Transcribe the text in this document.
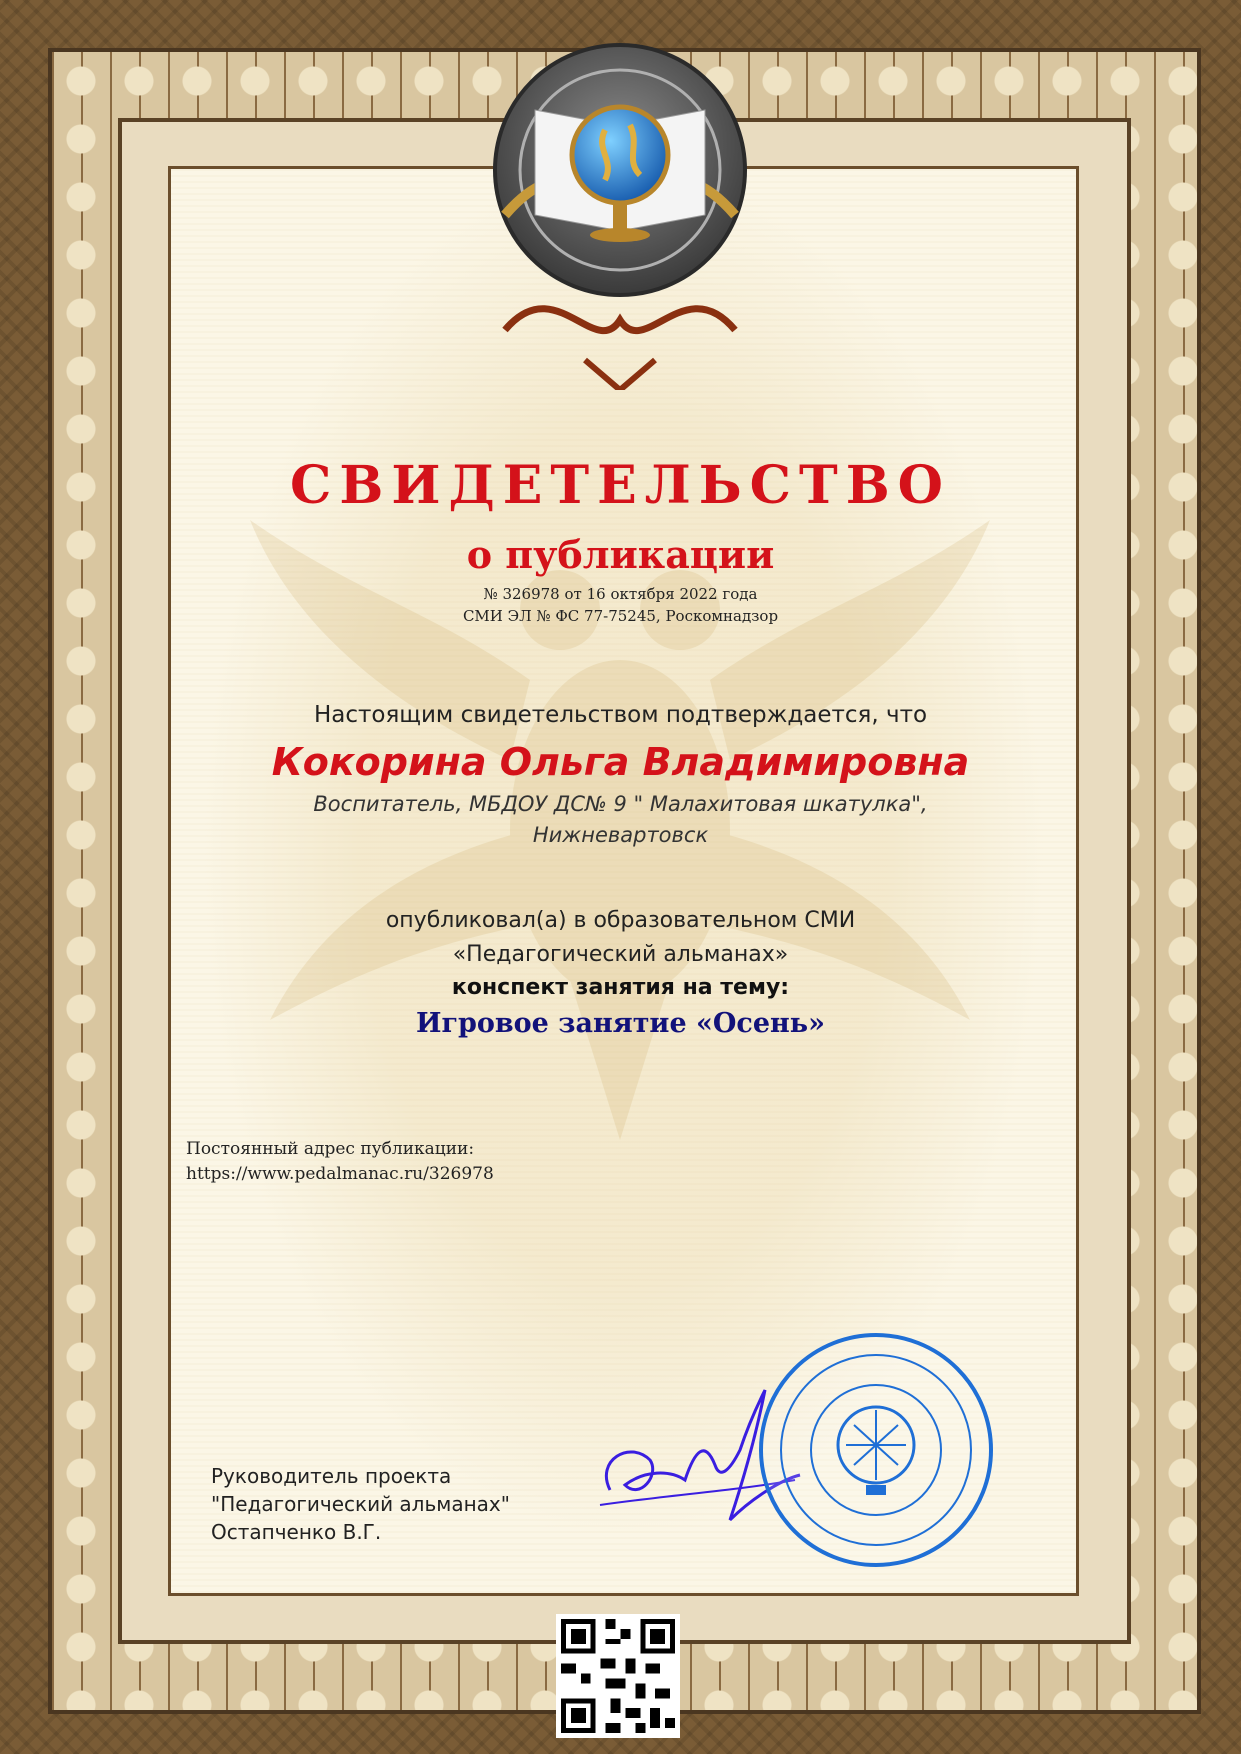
СВИДЕТЕЛЬСТВО
о публикации
№ 326978 от 16 октября 2022 года
СМИ ЭЛ № ФС 77-75245, Роскомнадзор
Настоящим свидетельством подтверждается, что
Кокорина Ольга Владимировна
Воспитатель, МБДОУ ДС№ 9 " Малахитовая шкатулка",
Нижневартовск
опубликовал(а) в образовательном СМИ
«Педагогический альманах»
конспект занятия на тему:
Игровое занятие «Осень»
Постоянный адрес публикации:
https://www.pedalmanac.ru/326978
Руководитель проекта
"Педагогический альманах"
Остапченко В.Г.
